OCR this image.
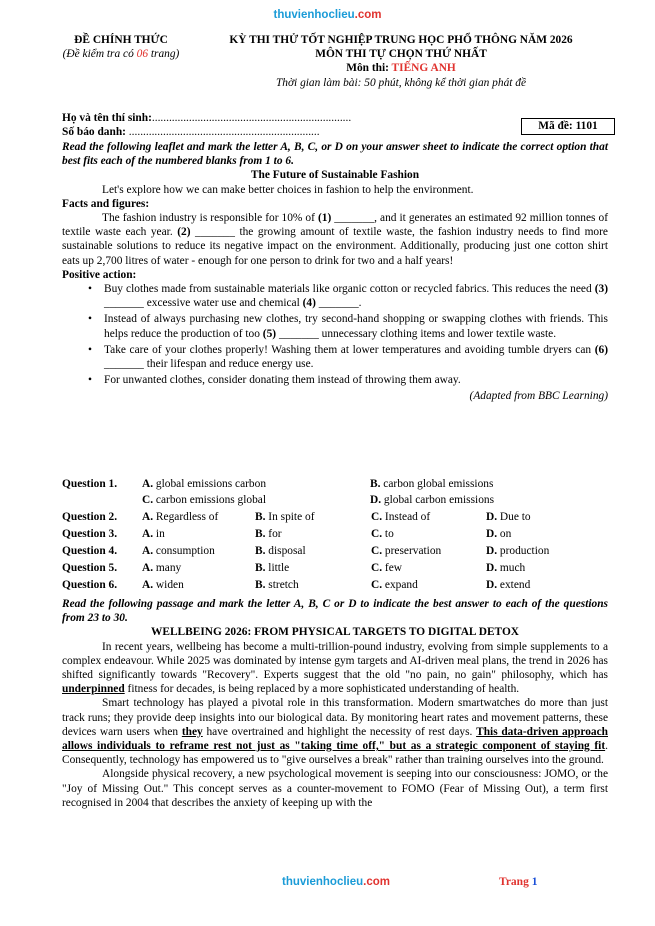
thuvienhoclieu.com
ĐỀ CHÍNH THỨC
(Đề kiểm tra có 06 trang)
KỲ THI THỬ TỐT NGHIỆP TRUNG HỌC PHỔ THÔNG NĂM 2026
MÔN THI TỰ CHỌN THỨ NHẤT
Môn thi: TIẾNG ANH
Thời gian làm bài: 50 phút, không kể thời gian phát đề
Họ và tên thí sinh:......................................................................
Số báo danh: ...................................................................
Mã đề: 1101

Read the following leaflet and mark the letter A, B, C, or D on your answer sheet to indicate the correct option that best fits each of the numbered blanks from 1 to 6.

The Future of Sustainable Fashion

Let's explore how we can make better choices in fashion to help the environment.

Facts and figures:

The fashion industry is responsible for 10% of (1) _______, and it generates an estimated 92 million tonnes of textile waste each year. (2) _______ the growing amount of textile waste, the fashion industry needs to find more sustainable solutions to reduce its negative impact on the environment. Additionally, producing just one cotton shirt eats up 2,700 litres of water - enough for one person to drink for two and a half years!

Positive action:

• Buy clothes made from sustainable materials like organic cotton or recycled fabrics. This reduces the need (3) _______ excessive water use and chemical (4) _______.
• Instead of always purchasing new clothes, try second-hand shopping or swapping clothes with friends. This helps reduce the production of too (5) _______ unnecessary clothing items and lower textile waste.
• Take care of your clothes properly! Washing them at lower temperatures and avoiding tumble dryers can (6) _______ their lifespan and reduce energy use.
• For unwanted clothes, consider donating them instead of throwing them away.

(Adapted from BBC Learning)

Question 1. A. global emissions carbon	B. carbon global emissions
C. carbon emissions global	D. global carbon emissions
Question 2. A. Regardless of	B. In spite of	C. Instead of	D. Due to
Question 3. A. in	B. for	C. to	D. on
Question 4. A. consumption	B. disposal	C. preservation	D. production
Question 5. A. many	B. little	C. few	D. much
Question 6. A. widen	B. stretch	C. expand	D. extend

Read the following passage and mark the letter A, B, C or D to indicate the best answer to each of the questions from 23 to 30.

WELLBEING 2026: FROM PHYSICAL TARGETS TO DIGITAL DETOX

In recent years, wellbeing has become a multi-trillion-pound industry, evolving from simple supplements to a complex endeavour. While 2025 was dominated by intense gym targets and AI-driven meal plans, the trend in 2026 has shifted significantly towards "Recovery". Experts suggest that the old "no pain, no gain" philosophy, which has underpinned fitness for decades, is being replaced by a more sophisticated understanding of health.

Smart technology has played a pivotal role in this transformation. Modern smartwatches do more than just track runs; they provide deep insights into our biological data. By monitoring heart rates and movement patterns, these devices warn users when they have overtrained and highlight the necessity of rest days. This data-driven approach allows individuals to reframe rest not just as "taking time off," but as a strategic component of staying fit. Consequently, technology has empowered us to "give ourselves a break" rather than training ourselves into the ground.

Alongside physical recovery, a new psychological movement is seeping into our consciousness: JOMO, or the "Joy of Missing Out." This concept serves as a counter-movement to FOMO (Fear of Missing Out), a term first recognised in 2004 that describes the anxiety of keeping up with the

thuvienhoclieu.com	Trang 1
